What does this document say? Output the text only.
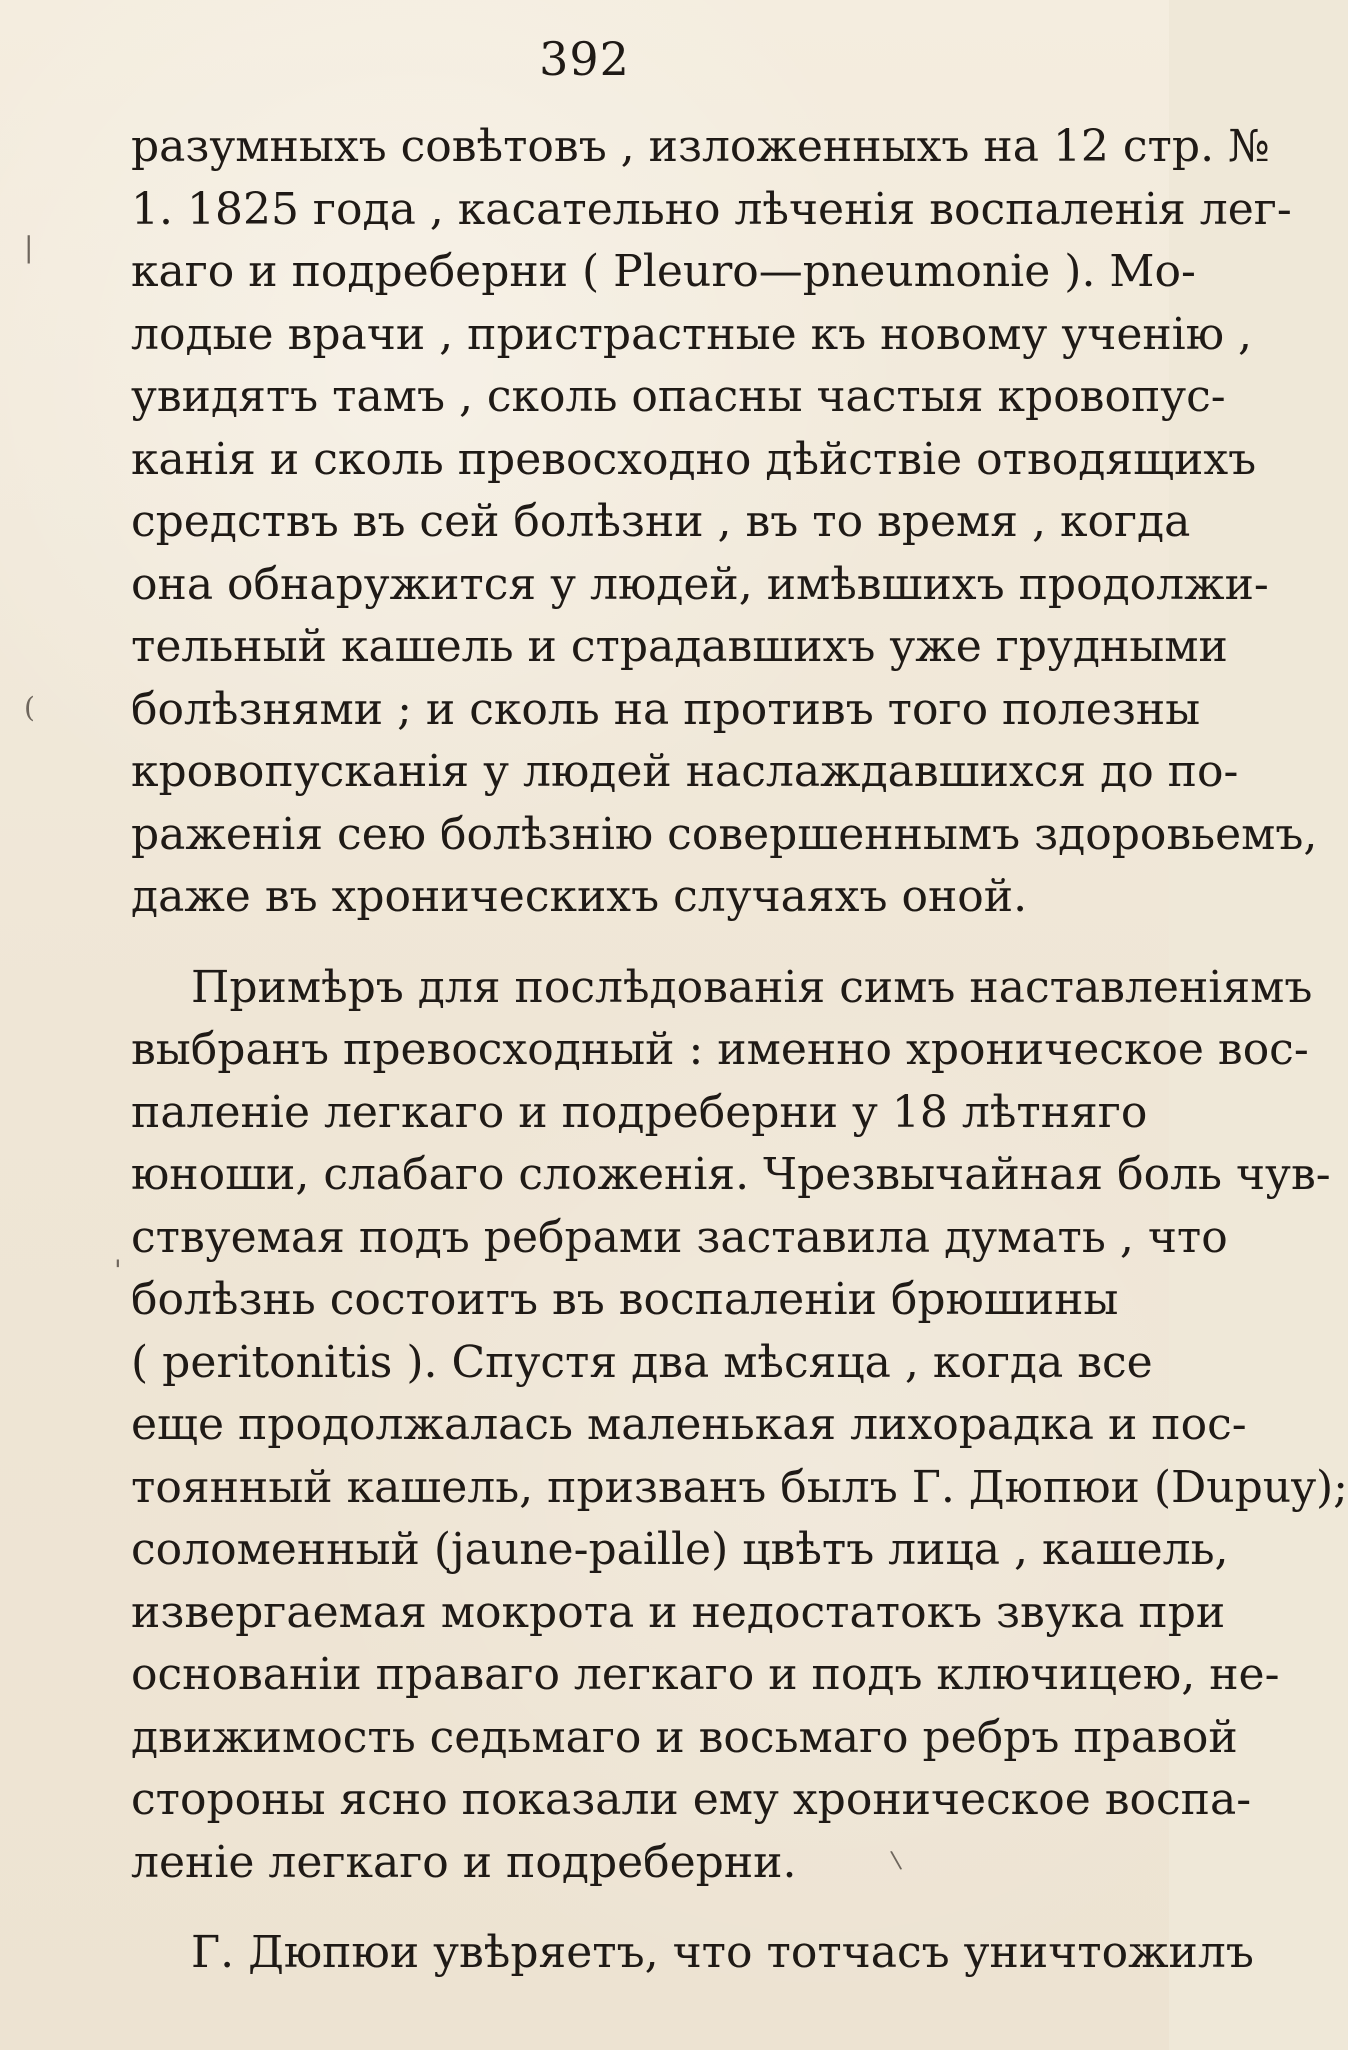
392
|
(
'
\
разумныхъ совѣтовъ , изложенныхъ на 12 стр. №
1. 1825 года , касательно лѣченія воспаленія лег-
каго и подреберни ( Pleuro—pneumonie ). Мо-
лодые врачи , пристрастные къ новому ученію ,
увидятъ тамъ , сколь опасны частыя кровопус-
канія и сколь превосходно дѣйствіе отводящихъ
средствъ въ сей болѣзни , въ то время , когда
она обнаружится у людей, имѣвшихъ продолжи-
тельный кашель и страдавшихъ уже грудными
болѣзнями ; и сколь на противъ того полезны
кровопусканія у людей наслаждавшихся до по-
раженія сею болѣзнію совершеннымъ здоровьемъ,
даже въ хроническихъ случаяхъ оной.
Примѣръ для послѣдованія симъ наставленіямъ
выбранъ превосходный : именно хроническое вос-
паленіе легкаго и подреберни у 18 лѣтняго
юноши, слабаго сложенія. Чрезвычайная боль чув-
ствуемая подъ ребрами заставила думать , что
болѣзнь состоитъ въ воспаленіи брюшины
( peritonitis ). Спустя два мѣсяца , когда все
еще продолжалась маленькая лихорадка и пос-
тоянный кашель, призванъ былъ Г. Дюпюи (Dupuy);
соломенный (jaune-paille) цвѣтъ лица , кашель,
извергаемая мокрота и недостатокъ звука при
основаніи праваго легкаго и подъ ключицею, не-
движимость седьмаго и восьмаго ребръ правой
стороны ясно показали ему хроническое воспа-
леніе легкаго и подреберни.
Г. Дюпюи увѣряетъ, что тотчасъ уничтожилъ
